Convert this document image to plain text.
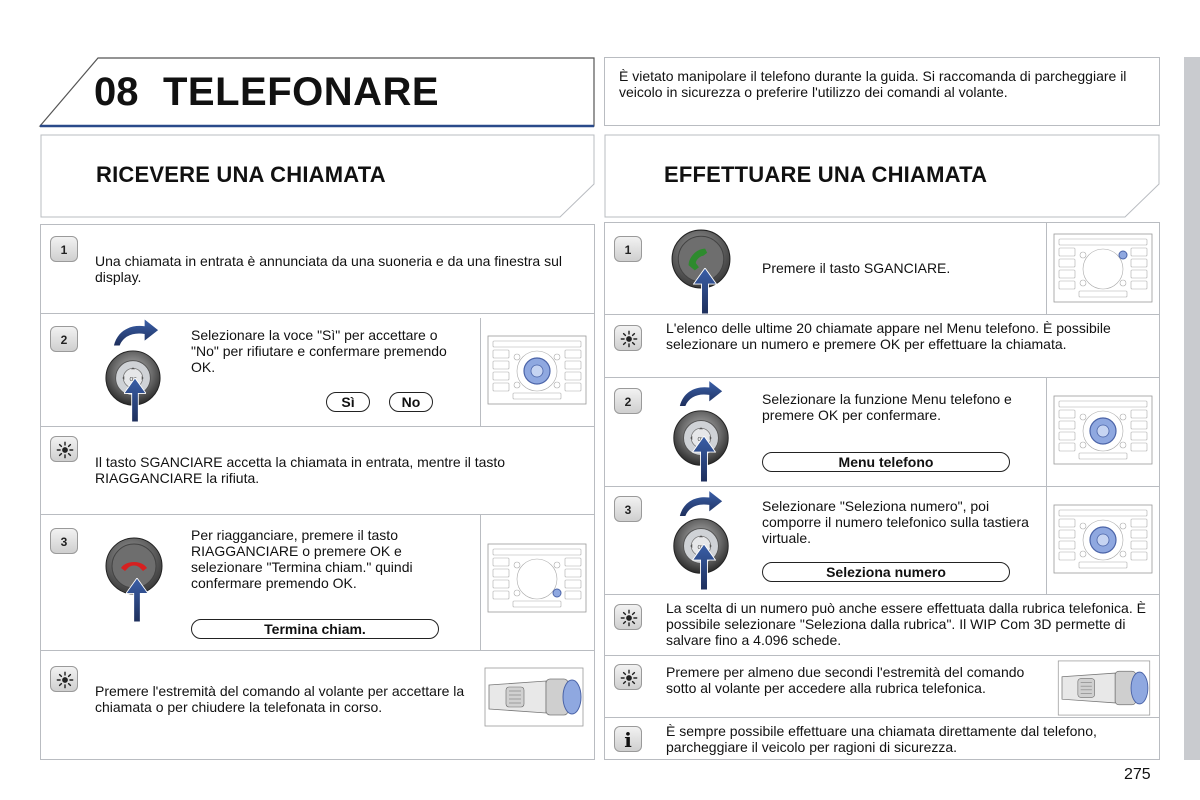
08 TELEFONARE	È vietato manipolare il telefono durante la guida. Si raccomanda di parcheggiare il veicolo in sicurezza o preferire l'utilizzo dei comandi al volante.
RICEVERE UNA CHIAMATA
1
Una chiamata in entrata è annunciata da una suoneria e da una finestra sul display.
2	Selezionare la voce "Sì" per accettare o "No" per rifiutare e confermare premendo OK.
Sì	No
Il tasto SGANCIARE accetta la chiamata in entrata, mentre il tasto RIAGGANCIARE la rifiuta.
3	Per riagganciare, premere il tasto RIAGGANCIARE o premere OK e selezionare "Termina chiam." quindi confermare premendo OK.
Termina chiam.
Premere l'estremità del comando al volante per accettare la chiamata o per chiudere la telefonata in corso.
EFFETTUARE UNA CHIAMATA
1
Premere il tasto SGANCIARE.
L'elenco delle ultime 20 chiamate appare nel Menu telefono. È possibile selezionare un numero e premere OK per effettuare la chiamata.
2	Selezionare la funzione Menu telefono e premere OK per confermare.
Menu telefono
3	Selezionare "Seleziona numero", poi comporre il numero telefonico sulla tastiera virtuale.
Seleziona numero
La scelta di un numero può anche essere effettuata dalla rubrica telefonica. È possibile selezionare "Seleziona dalla rubrica". Il WIP Com 3D permette di salvare fino a 4.096 schede.
Premere per almeno due secondi l'estremità del comando sotto al volante per accedere alla rubrica telefonica.
i	È sempre possibile effettuare una chiamata direttamente dal telefono, parcheggiare il veicolo per ragioni di sicurezza.
275
